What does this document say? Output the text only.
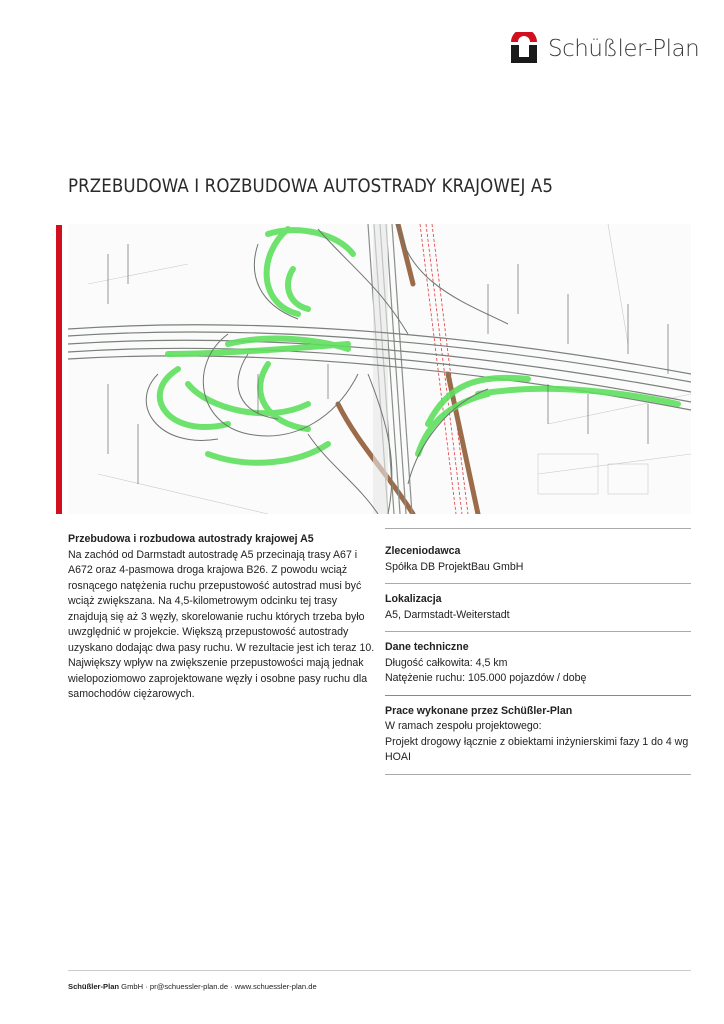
Schüßler-Plan
PRZEBUDOWA I ROZBUDOWA AUTOSTRADY KRAJOWEJ A5
Przebudowa i rozbudowa autostrady krajowej A5

Na zachód od Darmstadt autostradę A5 przecinają trasy A67 i A672 oraz 4-pasmowa droga krajowa B26. Z powodu wciąż rosnącego natężenia ruchu przepustowość autostrad musi być wciąż zwiększana. Na 4,5-kilometrowym odcinku tej trasy znajdują się aż 3 węzły, skorelowanie ruchu których trzeba było uwzględnić w projekcie. Większą przepustowość autostrady uzyskano dodając dwa pasy ruchu. W rezultacie jest ich teraz 10. Największy wpływ na zwiększenie przepustowości mają jednak wielopoziomowo zaprojektowane węzły i osobne pasy ruchu dla samochodów ciężarowych.

Zleceniodawca
Spółka DB ProjektBau GmbH
Lokalizacja
A5, Darmstadt-Weiterstadt
Dane techniczne
Długość całkowita: 4,5 km
Natężenie ruchu: 105.000 pojazdów / dobę
Prace wykonane przez Schüßler-Plan
W ramach zespołu projektowego:
Projekt drogowy łącznie z obiektami inżynierskimi fazy 1 do 4 wg HOAI
Schüßler-Plan GmbH · pr@schuessler-plan.de · www.schuessler-plan.de
